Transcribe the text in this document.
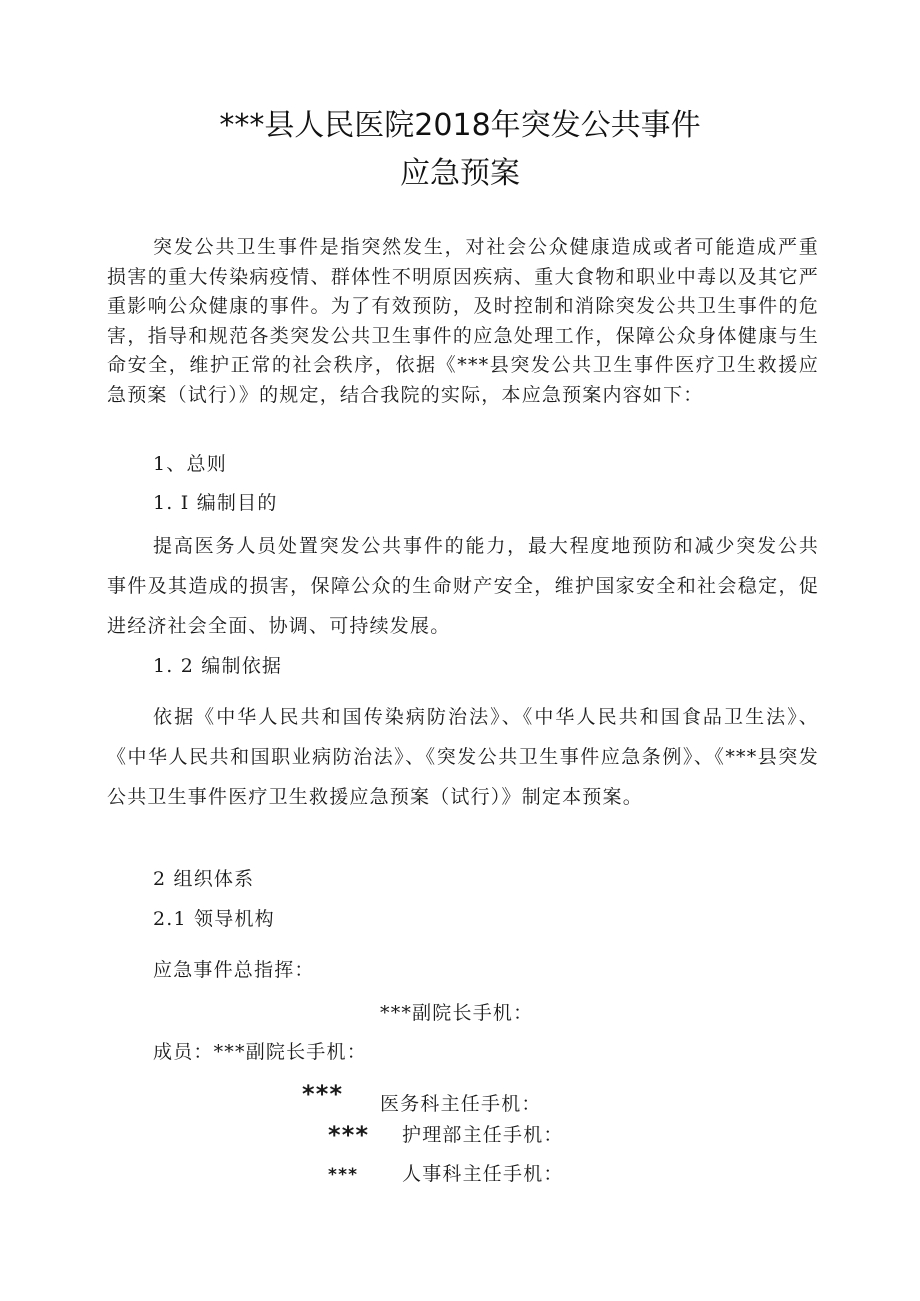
***县人民医院2018年突发公共事件
应急预案

突发公共卫生事件是指突然发生，对社会公众健康造成或者可能造成严重损害的重大传染病疫情、群体性不明原因疾病、重大食物和职业中毒以及其它严重影响公众健康的事件。为了有效预防，及时控制和消除突发公共卫生事件的危害，指导和规范各类突发公共卫生事件的应急处理工作，保障公众身体健康与生命安全，维护正常的社会秩序，依据《***县突发公共卫生事件医疗卫生救援应急预案（试行）》的规定，结合我院的实际，本应急预案内容如下：

1、总则
1. I 编制目的

提高医务人员处置突发公共事件的能力，最大程度地预防和减少突发公共事件及其造成的损害，保障公众的生命财产安全，维护国家安全和社会稳定，促进经济社会全面、协调、可持续发展。

1. 2 编制依据

依据《中华人民共和国传染病防治法》、《中华人民共和国食品卫生法》、《中华人民共和国职业病防治法》、《突发公共卫生事件应急条例》、《***县突发公共卫生事件医疗卫生救援应急预案（试行）》制定本预案。

2 组织体系
2.1 领导机构
应急事件总指挥：
***副院长手机：
成员：***副院长手机：
*** 医务科主任手机：
*** 护理部主任手机：
*** 人事科主任手机：
